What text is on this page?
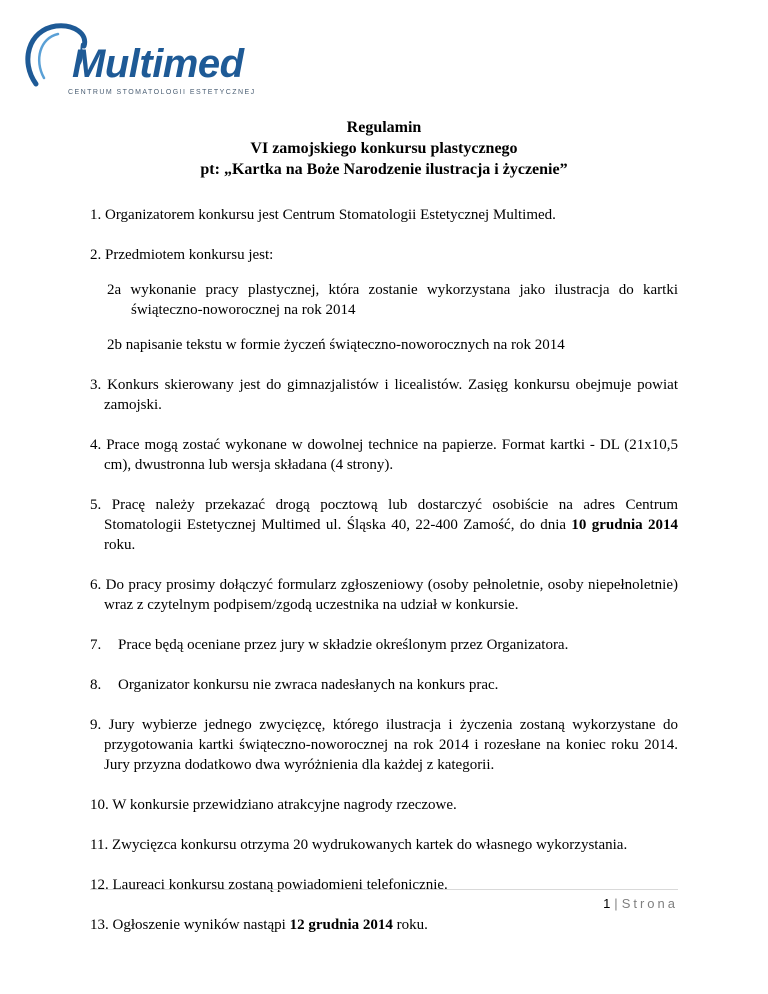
Multimed
CENTRUM STOMATOLOGII ESTETYCZNEJ
Regulamin
VI zamojskiego konkursu plastycznego
pt: „Kartka na Boże Narodzenie ilustracja i życzenie”

1. Organizatorem konkursu jest Centrum Stomatologii Estetycznej Multimed.

2. Przedmiotem konkursu jest:

2a wykonanie pracy plastycznej, która zostanie wykorzystana jako ilustracja do kartki świąteczno-noworocznej na rok 2014

2b napisanie tekstu w formie życzeń świąteczno-noworocznych na rok 2014

3. Konkurs skierowany jest do gimnazjalistów i licealistów. Zasięg konkursu obejmuje powiat zamojski.

4. Prace mogą zostać wykonane w dowolnej technice na papierze. Format kartki - DL (21x10,5 cm), dwustronna lub wersja składana (4 strony).

5. Pracę należy przekazać drogą pocztową lub dostarczyć osobiście na adres Centrum Stomatologii Estetycznej Multimed ul. Śląska 40, 22-400 Zamość, do dnia 10 grudnia 2014 roku.

6. Do pracy prosimy dołączyć formularz zgłoszeniowy (osoby pełnoletnie, osoby niepełnoletnie) wraz z czytelnym podpisem/zgodą uczestnika na udział w konkursie.

7. Prace będą oceniane przez jury w składzie określonym przez Organizatora.

8. Organizator konkursu nie zwraca nadesłanych na konkurs prac.

9. Jury wybierze jednego zwycięzcę, którego ilustracja i życzenia zostaną wykorzystane do przygotowania kartki świąteczno-noworocznej na rok 2014 i rozesłane na koniec roku 2014. Jury przyzna dodatkowo dwa wyróżnienia dla każdej z kategorii.

10. W konkursie przewidziano atrakcyjne nagrody rzeczowe.

11. Zwycięzca konkursu otrzyma 20 wydrukowanych kartek do własnego wykorzystania.

12. Laureaci konkursu zostaną powiadomieni telefonicznie.

13. Ogłoszenie wyników nastąpi 12 grudnia 2014 roku.

1 | Strona
